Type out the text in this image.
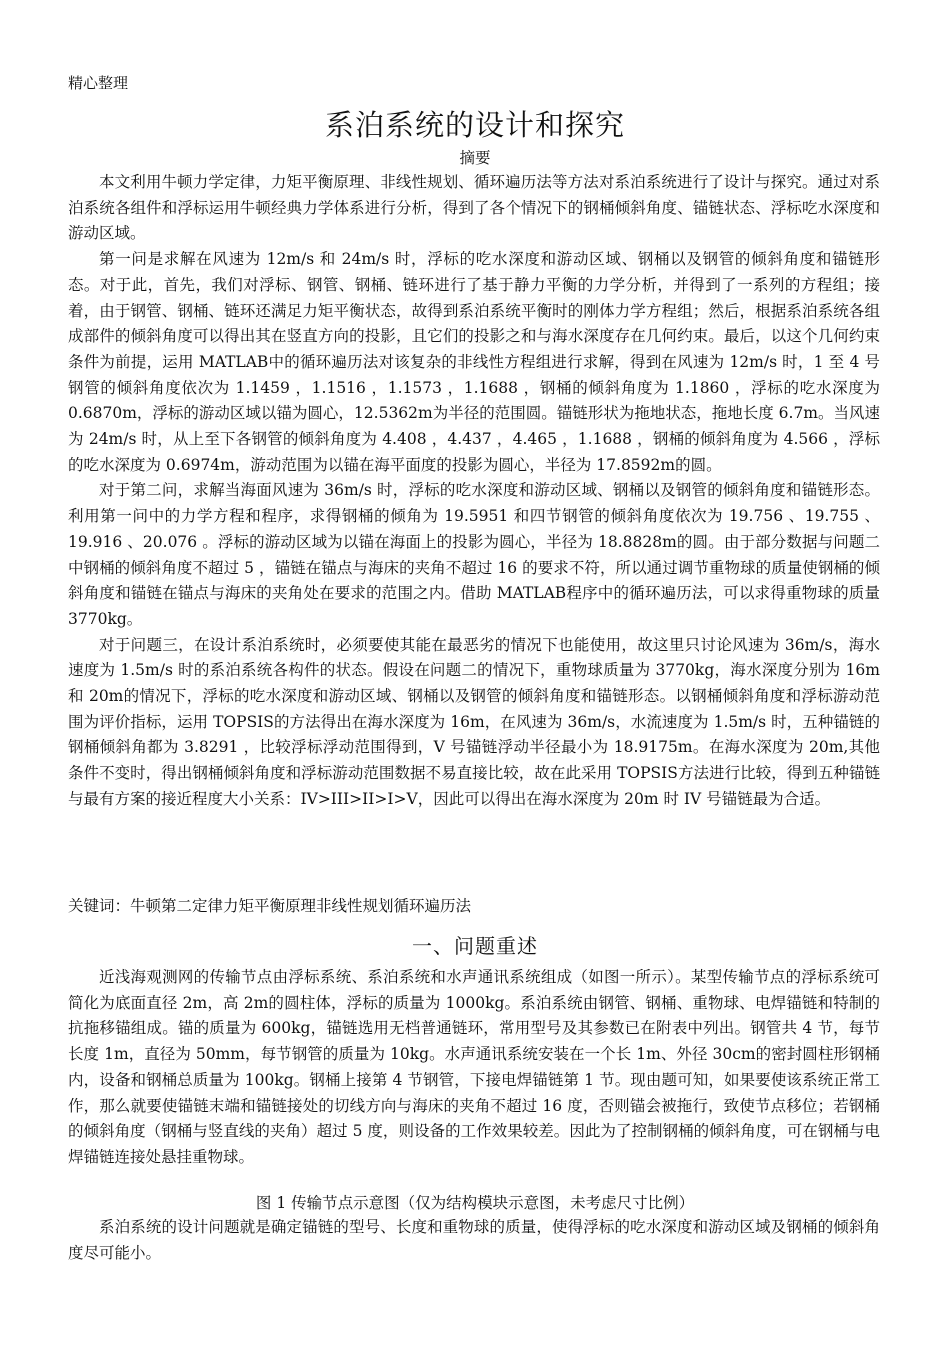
精心整理
系泊系统的设计和探究
摘要

本文利用牛顿力学定律，力矩平衡原理、非线性规划、循环遍历法等方法对系泊系统进行了设计与探究。通过对系泊系统各组件和浮标运用牛顿经典力学体系进行分析，得到了各个情况下的钢桶倾斜角度、锚链状态、浮标吃水深度和游动区域。

第一问是求解在风速为 12m/s 和 24m/s 时，浮标的吃水深度和游动区域、钢桶以及钢管的倾斜角度和锚链形态。对于此，首先，我们对浮标、钢管、钢桶、链环进行了基于静力平衡的力学分析，并得到了一系列的方程组；接着，由于钢管、钢桶、链环还满足力矩平衡状态，故得到系泊系统平衡时的刚体力学方程组；然后，根据系泊系统各组成部件的倾斜角度可以得出其在竖直方向的投影，且它们的投影之和与海水深度存在几何约束。最后，以这个几何约束条件为前提，运用 MATLAB中的循环遍历法对该复杂的非线性方程组进行求解，得到在风速为 12m/s 时，1 至 4 号钢管的倾斜角度依次为 1.1459 ，1.1516 ，1.1573 ，1.1688 ，钢桶的倾斜角度为 1.1860 ，浮标的吃水深度为 0.6870m，浮标的游动区域以锚为圆心，12.5362m为半径的范围圆。锚链形状为拖地状态，拖地长度 6.7m。当风速为 24m/s 时，从上至下各钢管的倾斜角度为 4.408 ，4.437 ，4.465 ，1.1688 ，钢桶的倾斜角度为 4.566 ，浮标的吃水深度为 0.6974m，游动范围为以锚在海平面度的投影为圆心，半径为 17.8592m的圆。

对于第二问，求解当海面风速为 36m/s 时，浮标的吃水深度和游动区域、钢桶以及钢管的倾斜角度和锚链形态。利用第一问中的力学方程和程序，求得钢桶的倾角为 19.5951 和四节钢管的倾斜角度依次为 19.756 、19.755 、19.916 、20.076 。浮标的游动区域为以锚在海面上的投影为圆心，半径为 18.8828m的圆。由于部分数据与问题二中钢桶的倾斜角度不超过 5 ，锚链在锚点与海床的夹角不超过 16 的要求不符，所以通过调节重物球的质量使钢桶的倾斜角度和锚链在锚点与海床的夹角处在要求的范围之内。借助 MATLAB程序中的循环遍历法，可以求得重物球的质量 3770kg。

对于问题三，在设计系泊系统时，必须要使其能在最恶劣的情况下也能使用，故这里只讨论风速为 36m/s，海水速度为 1.5m/s 时的系泊系统各构件的状态。假设在问题二的情况下，重物球质量为 3770kg，海水深度分别为 16m和 20m的情况下，浮标的吃水深度和游动区域、钢桶以及钢管的倾斜角度和锚链形态。以钢桶倾斜角度和浮标游动范围为评价指标，运用 TOPSIS的方法得出在海水深度为 16m，在风速为 36m/s，水流速度为 1.5m/s 时，五种锚链的钢桶倾斜角都为 3.8291 ，比较浮标浮动范围得到，V 号锚链浮动半径最小为 18.9175m。在海水深度为 20m,其他条件不变时，得出钢桶倾斜角度和浮标游动范围数据不易直接比较，故在此采用 TOPSIS方法进行比较，得到五种锚链与最有方案的接近程度大小关系：IV>III>II>I>V，因此可以得出在海水深度为 20m 时 IV 号锚链最为合适。

关键词：牛顿第二定律力矩平衡原理非线性规划循环遍历法
一、问题重述

近浅海观测网的传输节点由浮标系统、系泊系统和水声通讯系统组成（如图一所示）。某型传输节点的浮标系统可简化为底面直径 2m，高 2m的圆柱体，浮标的质量为 1000kg。系泊系统由钢管、钢桶、重物球、电焊锚链和特制的抗拖移锚组成。锚的质量为 600kg，锚链选用无档普通链环，常用型号及其参数已在附表中列出。钢管共 4 节，每节长度 1m，直径为 50mm，每节钢管的质量为 10kg。水声通讯系统安装在一个长 1m、外径 30cm的密封圆柱形钢桶内，设备和钢桶总质量为 100kg。钢桶上接第 4 节钢管，下接电焊锚链第 1 节。现由题可知，如果要使该系统正常工作，那么就要使锚链末端和锚链接处的切线方向与海床的夹角不超过 16 度，否则锚会被拖行，致使节点移位；若钢桶的倾斜角度（钢桶与竖直线的夹角）超过 5 度，则设备的工作效果较差。因此为了控制钢桶的倾斜角度，可在钢桶与电焊锚链连接处悬挂重物球。

图 1 传输节点示意图（仅为结构模块示意图，未考虑尺寸比例）

系泊系统的设计问题就是确定锚链的型号、长度和重物球的质量，使得浮标的吃水深度和游动区域及钢桶的倾斜角度尽可能小。
